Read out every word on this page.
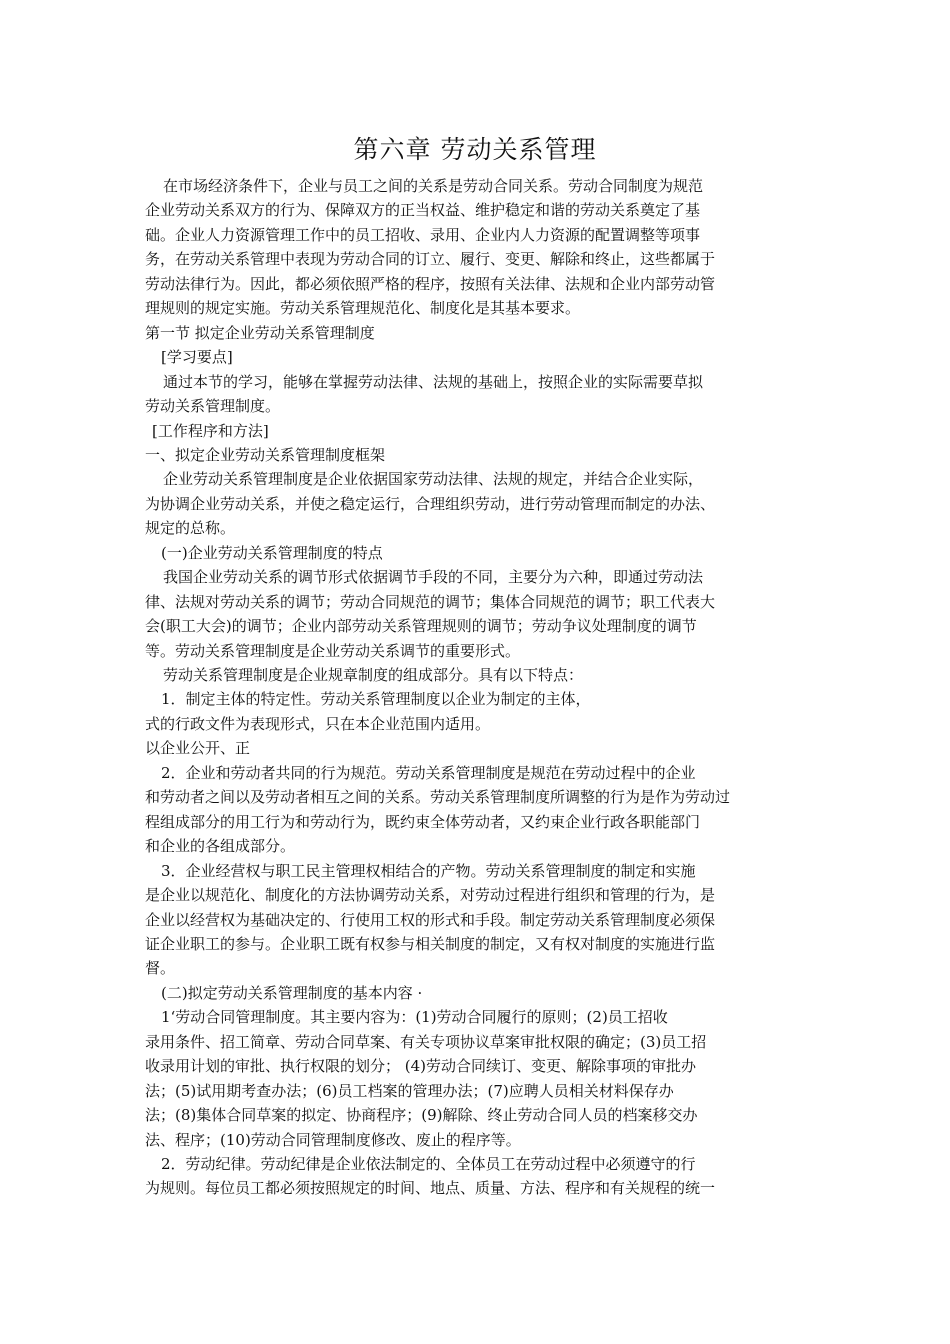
第六章 劳动关系管理
在市场经济条件下，企业与员工之间的关系是劳动合同关系。劳动合同制度为规范
企业劳动关系双方的行为、保障双方的正当权益、维护稳定和谐的劳动关系奠定了基
础。企业人力资源管理工作中的员工招收、录用、企业内人力资源的配置调整等项事
务，在劳动关系管理中表现为劳动合同的订立、履行、变更、解除和终止，这些都属于
劳动法律行为。因此，都必须依照严格的程序，按照有关法律、法规和企业内部劳动管
理规则的规定实施。劳动关系管理规范化、制度化是其基本要求。
第一节 拟定企业劳动关系管理制度
[学习要点]
通过本节的学习，能够在掌握劳动法律、法规的基础上，按照企业的实际需要草拟
劳动关系管理制度。
[工作程序和方法]
一、拟定企业劳动关系管理制度框架
企业劳动关系管理制度是企业依据国家劳动法律、法规的规定，并结合企业实际，
为协调企业劳动关系，并使之稳定运行，合理组织劳动，进行劳动管理而制定的办法、
规定的总称。
(一)企业劳动关系管理制度的特点
我国企业劳动关系的调节形式依据调节手段的不同，主要分为六种，即通过劳动法
律、法规对劳动关系的调节；劳动合同规范的调节；集体合同规范的调节；职工代表大
会(职工大会)的调节；企业内部劳动关系管理规则的调节；劳动争议处理制度的调节
等。劳动关系管理制度是企业劳动关系调节的重要形式。
劳动关系管理制度是企业规章制度的组成部分。具有以下特点：
1．制定主体的特定性。劳动关系管理制度以企业为制定的主体，
式的行政文件为表现形式，只在本企业范围内适用。
以企业公开、正
2．企业和劳动者共同的行为规范。劳动关系管理制度是规范在劳动过程中的企业
和劳动者之间以及劳动者相互之间的关系。劳动关系管理制度所调整的行为是作为劳动过
程组成部分的用工行为和劳动行为，既约束全体劳动者，又约束企业行政各职能部门
和企业的各组成部分。
3．企业经营权与职工民主管理权相结合的产物。劳动关系管理制度的制定和实施
是企业以规范化、制度化的方法协调劳动关系，对劳动过程进行组织和管理的行为，是
企业以经营权为基础决定的、行使用工权的形式和手段。制定劳动关系管理制度必须保
证企业职工的参与。企业职工既有权参与相关制度的制定，又有权对制度的实施进行监
督。
(二)拟定劳动关系管理制度的基本内容 ·
1‘劳动合同管理制度。其主要内容为：(1)劳动合同履行的原则；(2)员工招收
录用条件、招工简章、劳动合同草案、有关专项协议草案审批权限的确定；(3)员工招
收录用计划的审批、执行权限的划分； (4)劳动合同续订、变更、解除事项的审批办
法；(5)试用期考查办法；(6)员工档案的管理办法；(7)应聘人员相关材料保存办
法；(8)集体合同草案的拟定、协商程序；(9)解除、终止劳动合同人员的档案移交办
法、程序；(10)劳动合同管理制度修改、废止的程序等。
2．劳动纪律。劳动纪律是企业依法制定的、全体员工在劳动过程中必须遵守的行
为规则。每位员工都必须按照规定的时间、地点、质量、方法、程序和有关规程的统一
